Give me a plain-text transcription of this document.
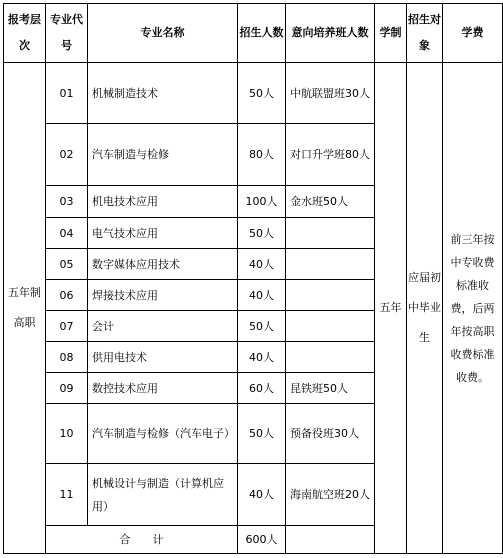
报考层次	专业代号	专业名称	招生人数	意向培养班人数	学制	招生对象	学费
五年制高职	01	机械制造技术	50人	中航联盟班30人	五年	应届初中毕业生	前三年按中专收费标准收费，后两年按高职收费标准收费。
	02	汽车制造与检修	80人	对口升学班80人			
	03	机电技术应用	100人	金水班50人			
	04	电气技术应用	50人				
	05	数字媒体应用技术	40人				
	06	焊接技术应用	40人				
	07	会计	50人				
	08	供用电技术	40人				
	09	数控技术应用	60人	昆铁班50人			
	10	汽车制造与检修（汽车电子）	50人	预备役班30人			
	11	机械设计与制造（计算机应用）	40人	海南航空班20人			
	合　　计		600人				
